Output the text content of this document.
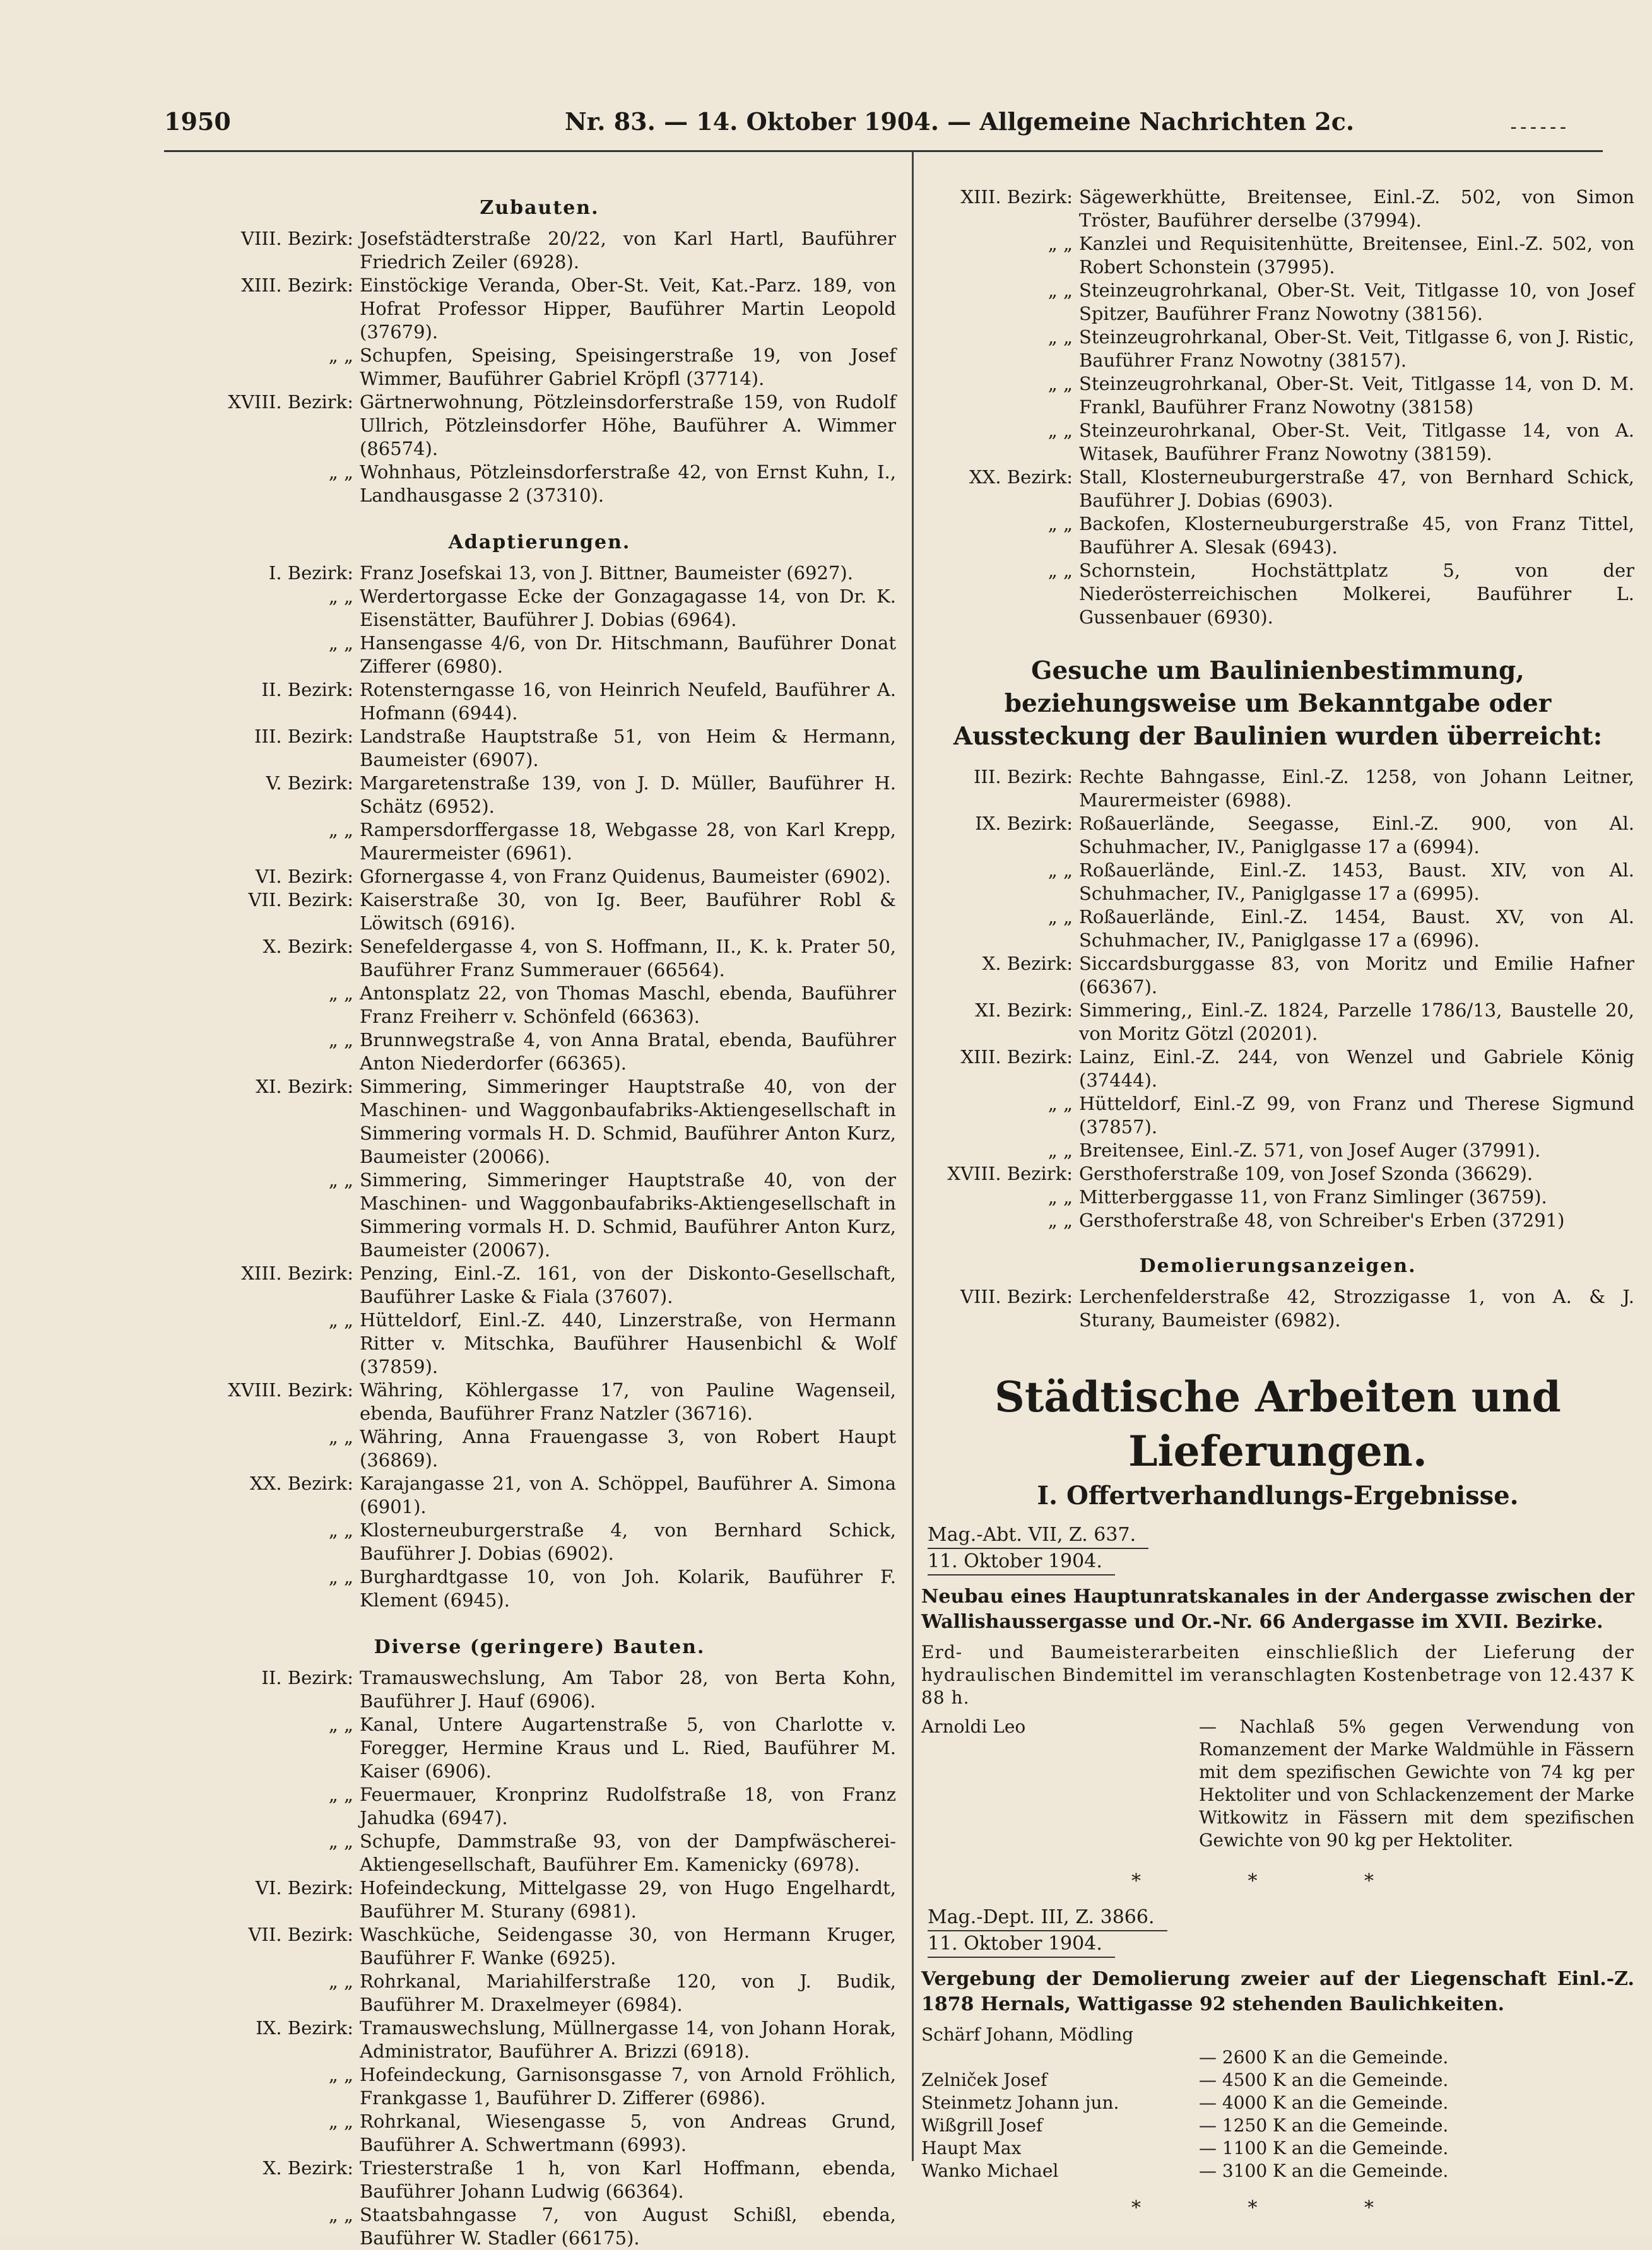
1950	Nr. 83. — 14. Oktober 1904. — Allgemeine Nachrichten 2c.	- - - - - -
Zubauten.
VIII. Bezirk: Josefstädterstraße 20/22, von Karl Hartl, Bauführer Friedrich Zeiler (6928).
XIII. Bezirk: Einstöckige Veranda, Ober-St. Veit, Kat.-Parz. 189, von Hofrat Professor Hipper, Bauführer Martin Leopold (37679).
„ „ Schupfen, Speising, Speisingerstraße 19, von Josef Wimmer, Bauführer Gabriel Kröpfl (37714).
XVIII. Bezirk: Gärtnerwohnung, Pötzleinsdorferstraße 159, von Rudolf Ullrich, Pötzleinsdorfer Höhe, Bauführer A. Wimmer (86574).
„ „ Wohnhaus, Pötzleinsdorferstraße 42, von Ernst Kuhn, I., Landhausgasse 2 (37310).
Adaptierungen.
I. Bezirk: Franz Josefskai 13, von J. Bittner, Baumeister (6927).
„ „ Werdertorgasse Ecke der Gonzagagasse 14, von Dr. K. Eisenstätter, Bauführer J. Dobias (6964).
„ „ Hansengasse 4/6, von Dr. Hitschmann, Bauführer Donat Zifferer (6980).
II. Bezirk: Rotensterngasse 16, von Heinrich Neufeld, Bauführer A. Hofmann (6944).
III. Bezirk: Landstraße Hauptstraße 51, von Heim & Hermann, Baumeister (6907).
V. Bezirk: Margaretenstraße 139, von J. D. Müller, Bauführer H. Schätz (6952).
„ „ Rampersdorffergasse 18, Webgasse 28, von Karl Krepp, Maurermeister (6961).
VI. Bezirk: Gfornergasse 4, von Franz Quidenus, Baumeister (6902).
VII. Bezirk: Kaiserstraße 30, von Ig. Beer, Bauführer Robl & Löwitsch (6916).
X. Bezirk: Senefeldergasse 4, von S. Hoffmann, II., K. k. Prater 50, Bauführer Franz Summerauer (66564).
„ „ Antonsplatz 22, von Thomas Maschl, ebenda, Bauführer Franz Freiherr v. Schönfeld (66363).
„ „ Brunnwegstraße 4, von Anna Bratal, ebenda, Bauführer Anton Niederdorfer (66365).
XI. Bezirk: Simmering, Simmeringer Hauptstraße 40, von der Maschinen- und Waggonbaufabriks-Aktiengesellschaft in Simmering vormals H. D. Schmid, Bauführer Anton Kurz, Baumeister (20066).
„ „ Simmering, Simmeringer Hauptstraße 40, von der Maschinen- und Waggonbaufabriks-Aktiengesellschaft in Simmering vormals H. D. Schmid, Bauführer Anton Kurz, Baumeister (20067).
XIII. Bezirk: Penzing, Einl.-Z. 161, von der Diskonto-Gesellschaft, Bauführer Laske & Fiala (37607).
„ „ Hütteldorf, Einl.-Z. 440, Linzerstraße, von Hermann Ritter v. Mitschka, Bauführer Hausenbichl & Wolf (37859).
XVIII. Bezirk: Währing, Köhlergasse 17, von Pauline Wagenseil, ebenda, Bauführer Franz Natzler (36716).
„ „ Währing, Anna Frauengasse 3, von Robert Haupt (36869).
XX. Bezirk: Karajangasse 21, von A. Schöppel, Bauführer A. Simona (6901).
„ „ Klosterneuburgerstraße 4, von Bernhard Schick, Bauführer J. Dobias (6902).
„ „ Burghardtgasse 10, von Joh. Kolarik, Bauführer F. Klement (6945).
Diverse (geringere) Bauten.
II. Bezirk: Tramauswechslung, Am Tabor 28, von Berta Kohn, Bauführer J. Hauf (6906).
„ „ Kanal, Untere Augartenstraße 5, von Charlotte v. Foregger, Hermine Kraus und L. Ried, Bauführer M. Kaiser (6906).
„ „ Feuermauer, Kronprinz Rudolfstraße 18, von Franz Jahudka (6947).
„ „ Schupfe, Dammstraße 93, von der Dampfwäscherei-Aktiengesellschaft, Bauführer Em. Kamenicky (6978).
VI. Bezirk: Hofeindeckung, Mittelgasse 29, von Hugo Engelhardt, Bauführer M. Sturany (6981).
VII. Bezirk: Waschküche, Seidengasse 30, von Hermann Kruger, Bauführer F. Wanke (6925).
„ „ Rohrkanal, Mariahilferstraße 120, von J. Budik, Bauführer M. Draxelmeyer (6984).
IX. Bezirk: Tramauswechslung, Müllnergasse 14, von Johann Horak, Administrator, Bauführer A. Brizzi (6918).
„ „ Hofeindeckung, Garnisonsgasse 7, von Arnold Fröhlich, Frankgasse 1, Bauführer D. Zifferer (6986).
„ „ Rohrkanal, Wiesengasse 5, von Andreas Grund, Bauführer A. Schwertmann (6993).
X. Bezirk: Triesterstraße 1 h, von Karl Hoffmann, ebenda, Bauführer Johann Ludwig (66364).
„ „ Staatsbahngasse 7, von August Schißl, ebenda, Bauführer W. Stadler (66175).
XIII. Bezirk: Sägewerkhütte, Breitensee, Einl.-Z. 502, von Simon Tröster, Bauführer derselbe (37994).
„ „ Kanzlei und Requisitenhütte, Breitensee, Einl.-Z. 502, von Robert Schonstein (37995).
„ „ Steinzeugrohrkanal, Ober-St. Veit, Titlgasse 10, von Josef Spitzer, Bauführer Franz Nowotny (38156).
„ „ Steinzeugrohrkanal, Ober-St. Veit, Titlgasse 6, von J. Ristic, Bauführer Franz Nowotny (38157).
„ „ Steinzeugrohrkanal, Ober-St. Veit, Titlgasse 14, von D. M. Frankl, Bauführer Franz Nowotny (38158)
„ „ Steinzeurohrkanal, Ober-St. Veit, Titlgasse 14, von A. Witasek, Bauführer Franz Nowotny (38159).
XX. Bezirk: Stall, Klosterneuburgerstraße 47, von Bernhard Schick, Bauführer J. Dobias (6903).
„ „ Backofen, Klosterneuburgerstraße 45, von Franz Tittel, Bauführer A. Slesak (6943).
„ „ Schornstein, Hochstättplatz 5, von der Niederösterreichischen Molkerei, Bauführer L. Gussenbauer (6930).
Gesuche um Baulinienbestimmung, beziehungsweise um Bekanntgabe oder Aussteckung der Baulinien wurden überreicht:
III. Bezirk: Rechte Bahngasse, Einl.-Z. 1258, von Johann Leitner, Maurermeister (6988).
IX. Bezirk: Roßauerlände, Seegasse, Einl.-Z. 900, von Al. Schuhmacher, IV., Paniglgasse 17 a (6994).
„ „ Roßauerlände, Einl.-Z. 1453, Baust. XIV, von Al. Schuhmacher, IV., Paniglgasse 17 a (6995).
„ „ Roßauerlände, Einl.-Z. 1454, Baust. XV, von Al. Schuhmacher, IV., Paniglgasse 17 a (6996).
X. Bezirk: Siccardsburggasse 83, von Moritz und Emilie Hafner (66367).
XI. Bezirk: Simmering,, Einl.-Z. 1824, Parzelle 1786/13, Baustelle 20, von Moritz Götzl (20201).
XIII. Bezirk: Lainz, Einl.-Z. 244, von Wenzel und Gabriele König (37444).
„ „ Hütteldorf, Einl.-Z 99, von Franz und Therese Sigmund (37857).
„ „ Breitensee, Einl.-Z. 571, von Josef Auger (37991).
XVIII. Bezirk: Gersthoferstraße 109, von Josef Szonda (36629).
„ „ Mitterberggasse 11, von Franz Simlinger (36759).
„ „ Gersthoferstraße 48, von Schreiber's Erben (37291)
Demolierungsanzeigen.
VIII. Bezirk: Lerchenfelderstraße 42, Strozzigasse 1, von A. & J. Sturany, Baumeister (6982).
Städtische Arbeiten und Lieferungen.
I. Offertverhandlungs-Ergebnisse.
Mag.-Abt. VII, Z. 637.
11. Oktober 1904.
Neubau eines Hauptunratskanales in der Andergasse zwischen der Wallishaussergasse und Or.-Nr. 66 Andergasse im XVII. Bezirke.
Erd- und Baumeisterarbeiten einschließlich der Lieferung der hydraulischen Bindemittel im veranschlagten Kostenbetrage von 12.437 K 88 h.
Arnoldi Leo	— Nachlaß 5% gegen Verwendung von Romanzement der Marke Waldmühle in Fässern mit dem spezifischen Gewichte von 74 kg per Hektoliter und von Schlackenzement der Marke Witkowitz in Fässern mit dem spezifischen Gewichte von 90 kg per Hektoliter.
* * *
Mag.-Dept. III, Z. 3866.
11. Oktober 1904.
Vergebung der Demolierung zweier auf der Liegenschaft Einl.-Z. 1878 Hernals, Wattigasse 92 stehenden Baulichkeiten.
Schärf Johann, Mödling
— 2600 K an die Gemeinde.
Zelniček Josef	— 4500 K an die Gemeinde.
Steinmetz Johann jun.	— 4000 K an die Gemeinde.
Wißgrill Josef	— 1250 K an die Gemeinde.
Haupt Max	— 1100 K an die Gemeinde.
Wanko Michael	— 3100 K an die Gemeinde.
* * *
